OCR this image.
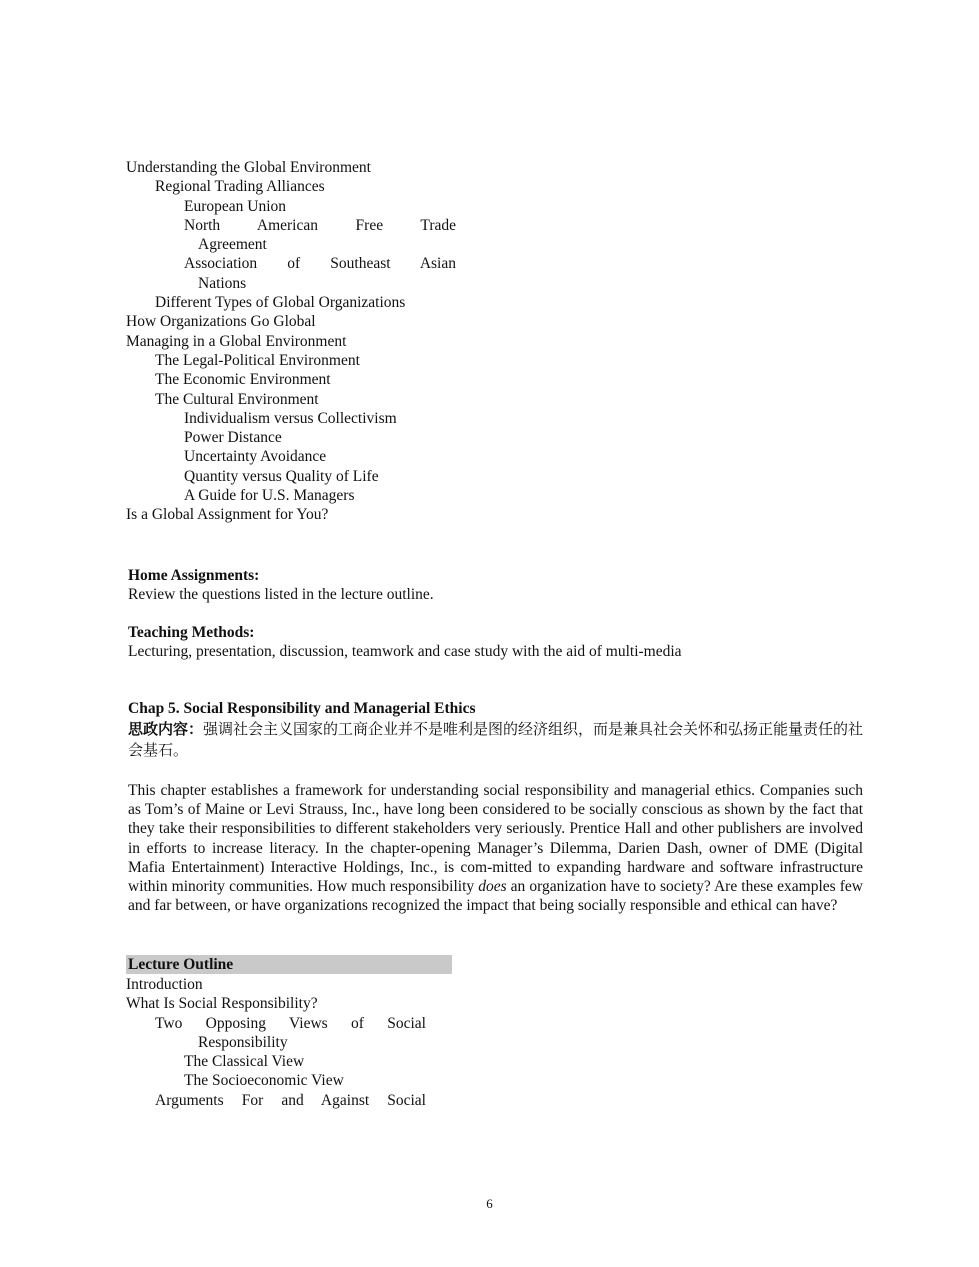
Understanding the Global Environment
Regional Trading Alliances
European Union
North American Free Trade
Agreement
Association of Southeast Asian
Nations
Different Types of Global Organizations
How Organizations Go Global
Managing in a Global Environment
The Legal-Political Environment
The Economic Environment
The Cultural Environment
Individualism versus Collectivism
Power Distance
Uncertainty Avoidance
Quantity versus Quality of Life
A Guide for U.S. Managers
Is a Global Assignment for You?
Home Assignments:
Review the questions listed in the lecture outline.
Teaching Methods:
Lecturing, presentation, discussion, teamwork and case study with the aid of multi-media
Chap 5. Social Responsibility and Managerial Ethics
思政内容：强调社会主义国家的工商企业并不是唯利是图的经济组织，而是兼具社会关怀和弘扬正能量责任的社会基石。
This chapter establishes a framework for understanding social responsibility and managerial ethics. Companies such as Tom’s of Maine or Levi Strauss, Inc., have long been considered to be socially conscious as shown by the fact that they take their responsibilities to different stakeholders very seriously. Prentice Hall and other publishers are involved in efforts to increase literacy. In the chapter-opening Manager’s Dilemma, Darien Dash, owner of DME (Digital Mafia Entertainment) Interactive Holdings, Inc., is com-mitted to expanding hardware and software infrastructure within minority communities. How much responsibility does an organization have to society? Are these examples few and far between, or have organizations recognized the impact that being socially responsible and ethical can have?
Lecture Outline
Introduction
What Is Social Responsibility?
Two Opposing Views of Social
Responsibility
The Classical View
The Socioeconomic View
Arguments For and Against Social
6
